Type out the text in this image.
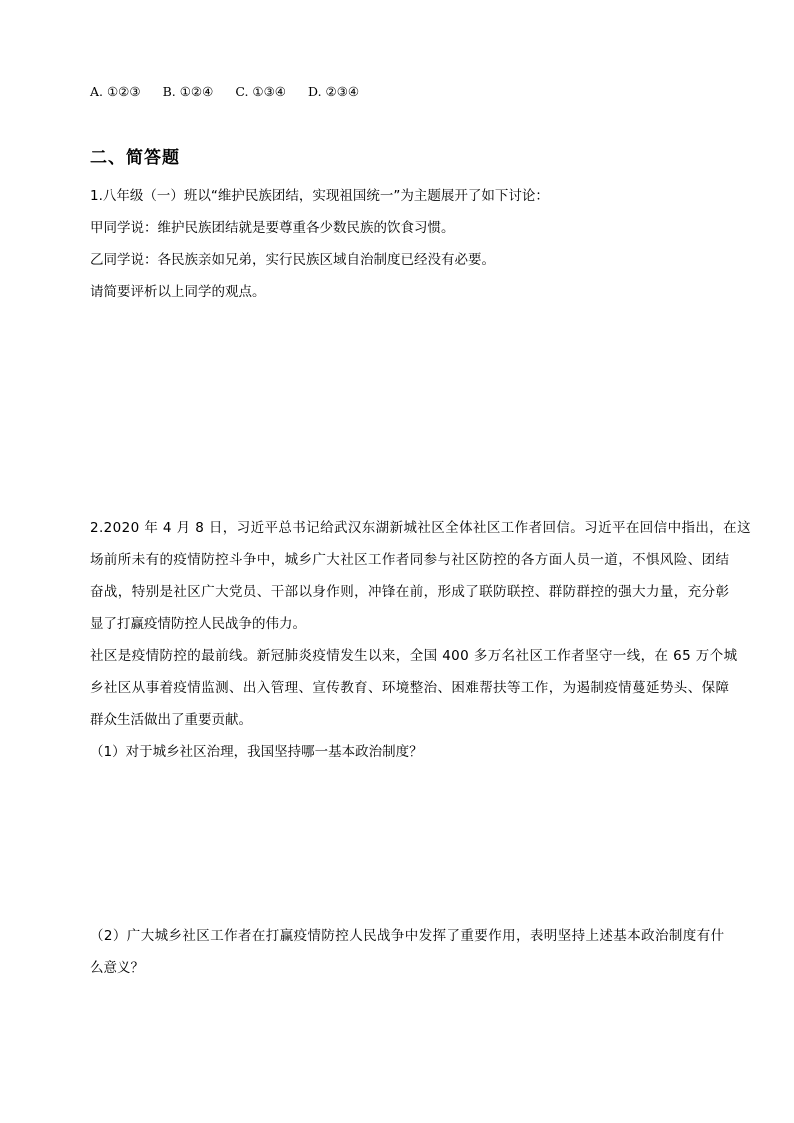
A. ①②③ B. ①②④ C. ①③④ D. ②③④
二、简答题
1.八年级（一）班以“维护民族团结，实现祖国统一”为主题展开了如下讨论：
甲同学说：维护民族团结就是要尊重各少数民族的饮食习惯。
乙同学说：各民族亲如兄弟，实行民族区域自治制度已经没有必要。
请简要评析以上同学的观点。
2.2020 年 4 月 8 日，习近平总书记给武汉东湖新城社区全体社区工作者回信。习近平在回信中指出，在这
场前所未有的疫情防控斗争中，城乡广大社区工作者同参与社区防控的各方面人员一道，不惧风险、团结
奋战，特别是社区广大党员、干部以身作则，冲锋在前，形成了联防联控、群防群控的强大力量，充分彰
显了打赢疫情防控人民战争的伟力。
社区是疫情防控的最前线。新冠肺炎疫情发生以来，全国 400 多万名社区工作者坚守一线，在 65 万个城
乡社区从事着疫情监测、出入管理、宣传教育、环境整治、困难帮扶等工作，为遏制疫情蔓延势头、保障
群众生活做出了重要贡献。
（1）对于城乡社区治理，我国坚持哪一基本政治制度？
（2）广大城乡社区工作者在打赢疫情防控人民战争中发挥了重要作用，表明坚持上述基本政治制度有什
么意义？
